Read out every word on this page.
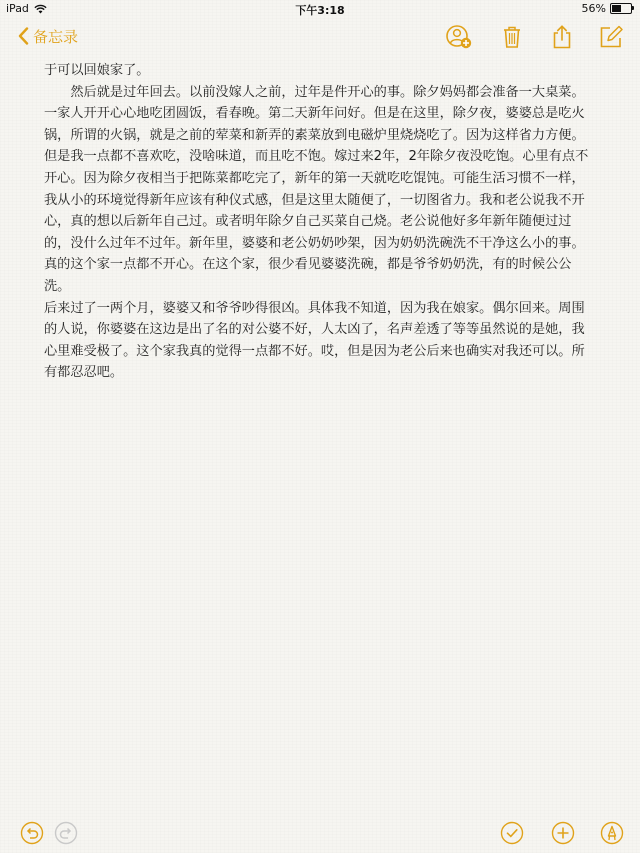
iPad	下午3:18	56%
备忘录
于可以回娘家了。
　　然后就是过年回去。以前没嫁人之前，过年是件开心的事。除夕妈妈都会准备一大桌菜。一家人开开心心地吃团圆饭，看春晚。第二天新年问好。但是在这里，除夕夜，婆婆总是吃火锅，所谓的火锅，就是之前的荤菜和新弄的素菜放到电磁炉里烧烧吃了。因为这样省力方便。但是我一点都不喜欢吃，没啥味道，而且吃不饱。嫁过来2年，2年除夕夜没吃饱。心里有点不开心。因为除夕夜相当于把陈菜都吃完了，新年的第一天就吃吃馄饨。可能生活习惯不一样，我从小的环境觉得新年应该有种仪式感，但是这里太随便了，一切图省力。我和老公说我不开心，真的想以后新年自己过。或者明年除夕自己买菜自己烧。老公说他好多年新年随便过过的，没什么过年不过年。新年里，婆婆和老公奶奶吵架，因为奶奶洗碗洗不干净这么小的事。真的这个家一点都不开心。在这个家，很少看见婆婆洗碗，都是爷爷奶奶洗，有的时候公公洗。
后来过了一两个月，婆婆又和爷爷吵得很凶。具体我不知道，因为我在娘家。偶尔回来。周围的人说，你婆婆在这边是出了名的对公婆不好，人太凶了，名声差透了等等虽然说的是她，我心里难受极了。这个家我真的觉得一点都不好。哎，但是因为老公后来也确实对我还可以。所有都忍忍吧。
